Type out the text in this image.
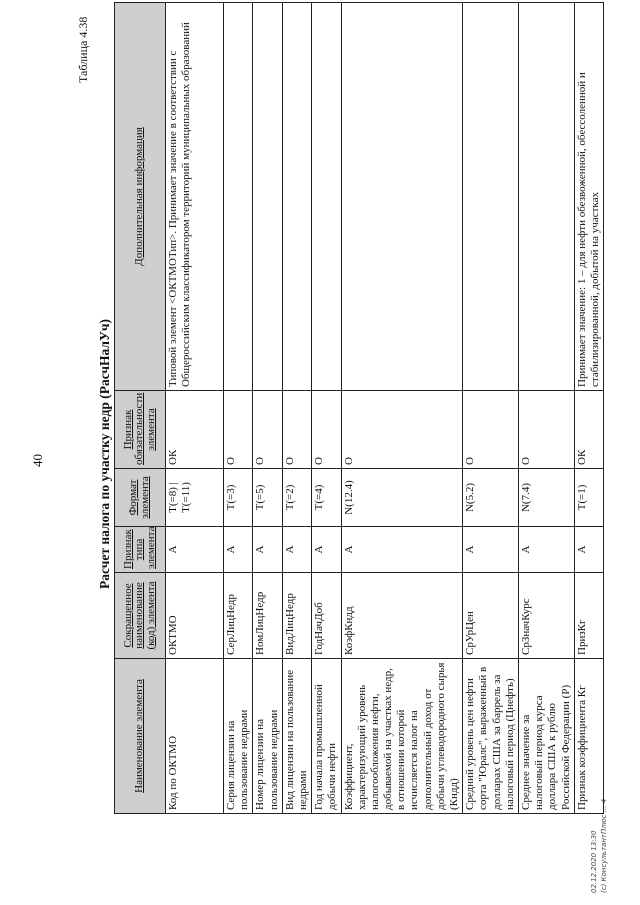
40
Таблица 4.38
Расчет налога по участку недр (РасчНалУч)
Наименование элемента	Сокращенное наименование (код) элемента	Признак типа элемента	Формат элемента	Признак обязательности элемента	Дополнительная информация
Код по ОКТМО	ОКТМО	А	T(=8) | T(=11)	ОК	Типовой элемент <ОКТМОТип>. Принимает значение в соответствии с Общероссийским классификатором территорий муниципальных образований
Серия лицензии на пользование недрами	СерЛицНедр	А	T(=3)	О	
Номер лицензии на пользование недрами	НомЛицНедр	А	T(=5)	О	
Вид лицензии на пользование недрами	ВидЛицНедр	А	T(=2)	О	
Год начала промышленной добычи нефти	ГодНачДоб	А	T(=4)	О	
Коэффициент, характеризующий уровень налогообложения нефти, добываемой на участках недр, в отношении которой исчисляется налог на дополнительный доход от добычи углеводородного сырья (Кндд)	КоэфКндд	А	N(12.4)	О	
Средний уровень цен нефти сорта "Юралс", выраженный в долларах США за баррель за налоговый период (Цнефть)	СрУрЦен	А	N(5.2)	О	
Среднее значение за налоговый период курса доллара США к рублю Российской Федерации (Р)	СрЗначКурс	А	N(7.4)	О	
Признак коэффициента Кг	ПризКг	А	T(=1)	ОК	Принимает значение: 1 – для нефти обезвоженной, обессоленной и стабилизированной, добытой на участках
02.12.2020 13:30 (c) КонсультантПлюс ... 4
